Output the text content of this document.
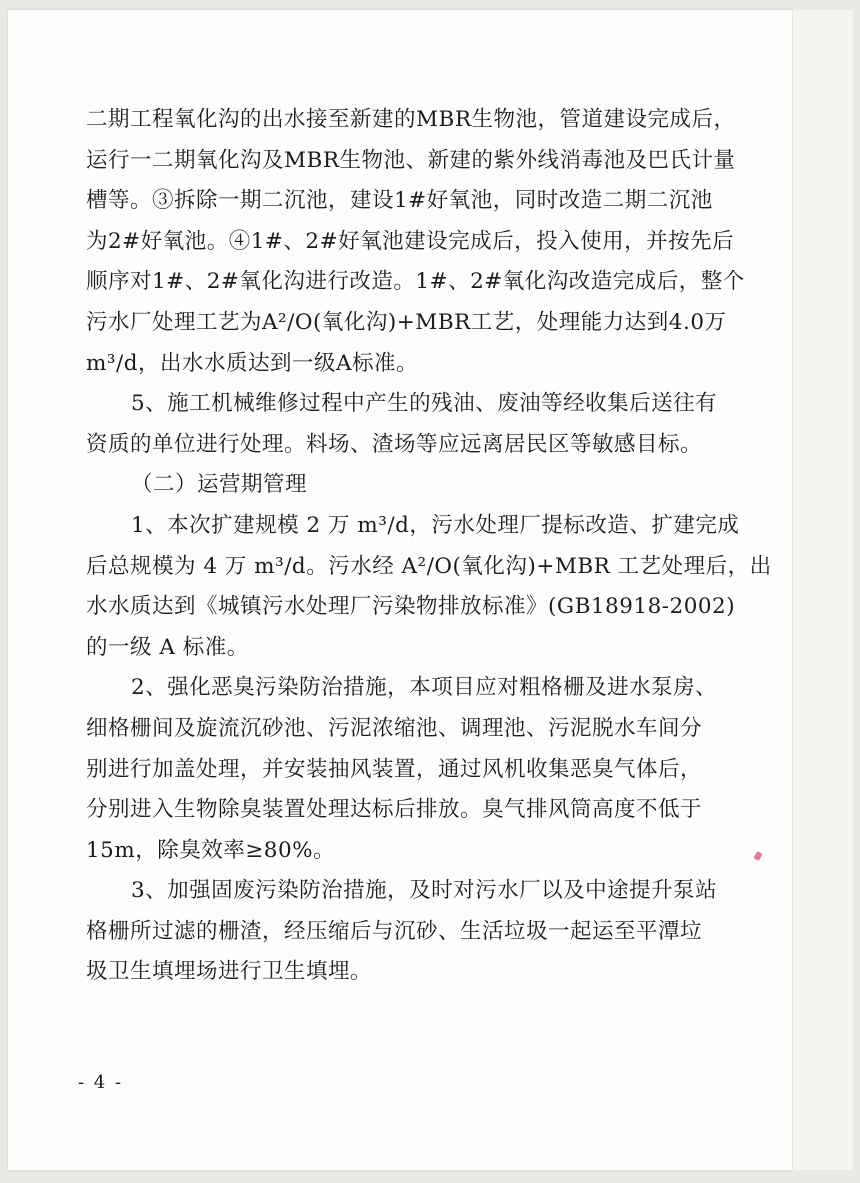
二期工程氧化沟的出水接至新建的MBR生物池，管道建设完成后，
运行一二期氧化沟及MBR生物池、新建的紫外线消毒池及巴氏计量
槽等。③拆除一期二沉池，建设1#好氧池，同时改造二期二沉池
为2#好氧池。④1#、2#好氧池建设完成后，投入使用，并按先后
顺序对1#、2#氧化沟进行改造。1#、2#氧化沟改造完成后，整个
污水厂处理工艺为A²/O(氧化沟)+MBR工艺，处理能力达到4.0万
m³/d，出水水质达到一级A标准。
5、施工机械维修过程中产生的残油、废油等经收集后送往有
资质的单位进行处理。料场、渣场等应远离居民区等敏感目标。
（二）运营期管理
1、本次扩建规模 2 万 m³/d，污水处理厂提标改造、扩建完成
后总规模为 4 万 m³/d。污水经 A²/O(氧化沟)+MBR 工艺处理后，出
水水质达到《城镇污水处理厂污染物排放标准》(GB18918-2002)
的一级 A 标准。
2、强化恶臭污染防治措施，本项目应对粗格栅及进水泵房、
细格栅间及旋流沉砂池、污泥浓缩池、调理池、污泥脱水车间分
别进行加盖处理，并安装抽风装置，通过风机收集恶臭气体后，
分别进入生物除臭装置处理达标后排放。臭气排风筒高度不低于
15m，除臭效率≥80%。
3、加强固废污染防治措施，及时对污水厂以及中途提升泵站
格栅所过滤的栅渣，经压缩后与沉砂、生活垃圾一起运至平潭垃
圾卫生填埋场进行卫生填埋。
- 4 -
